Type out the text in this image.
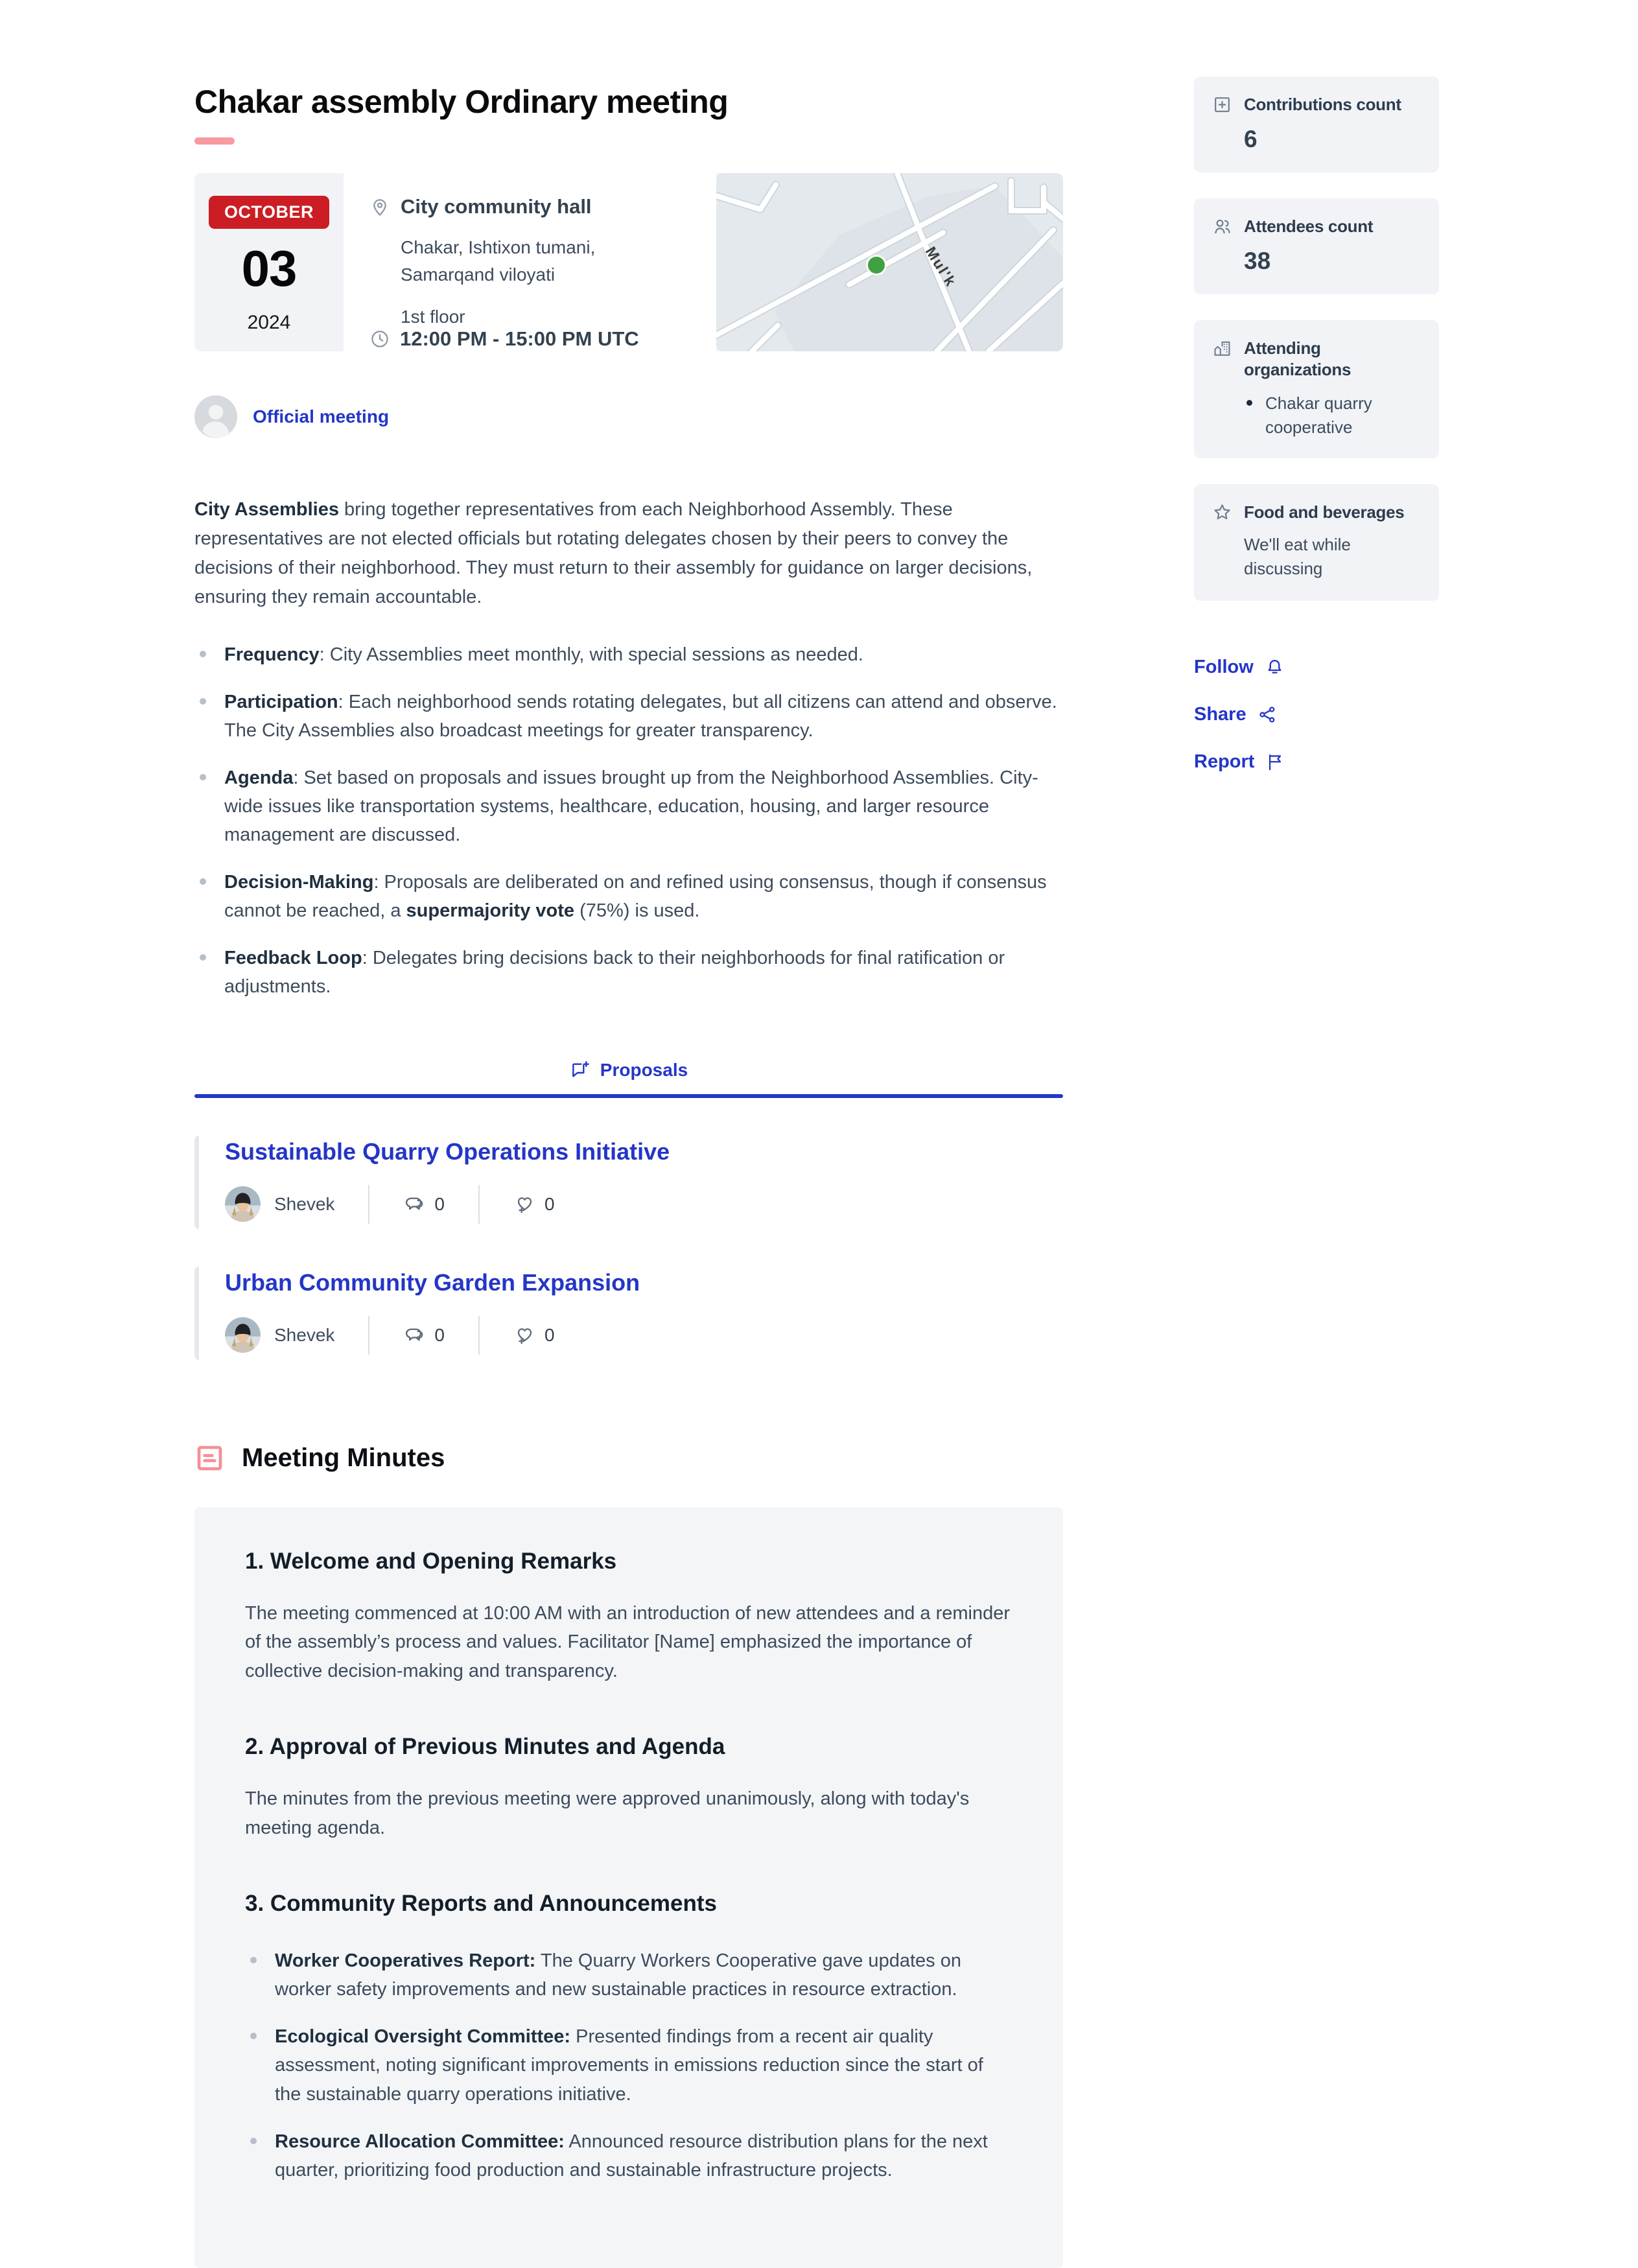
Chakar assembly Ordinary meeting
OCTOBER
03
2024
City community hall
Chakar, Ishtixon tumani, Samarqand viloyati
1st floor
12:00 PM - 15:00 PM UTC
Mul'k
Official meeting

City Assemblies bring together representatives from each Neighborhood Assembly. These representatives are not elected officials but rotating delegates chosen by their peers to convey the decisions of their neighborhood. They must return to their assembly for guidance on larger decisions, ensuring they remain accountable.

Frequency: City Assemblies meet monthly, with special sessions as needed.
Participation: Each neighborhood sends rotating delegates, but all citizens can attend and observe. The City Assemblies also broadcast meetings for greater transparency.
Agenda: Set based on proposals and issues brought up from the Neighborhood Assemblies. City-wide issues like transportation systems, healthcare, education, housing, and larger resource management are discussed.
Decision-Making: Proposals are deliberated on and refined using consensus, though if consensus cannot be reached, a supermajority vote (75%) is used.
Feedback Loop: Delegates bring decisions back to their neighborhoods for final ratification or adjustments.
Proposals
Sustainable Quarry Operations Initiative
Shevek	0	0
Urban Community Garden Expansion
Shevek	0	0
Meeting Minutes
1. Welcome and Opening Remarks

The meeting commenced at 10:00 AM with an introduction of new attendees and a reminder of the assembly’s process and values. Facilitator [Name] emphasized the importance of collective decision-making and transparency.

2. Approval of Previous Minutes and Agenda

The minutes from the previous meeting were approved unanimously, along with today's meeting agenda.

3. Community Reports and Announcements
Worker Cooperatives Report: The Quarry Workers Cooperative gave updates on worker safety improvements and new sustainable practices in resource extraction.
Ecological Oversight Committee: Presented findings from a recent air quality assessment, noting significant improvements in emissions reduction since the start of the sustainable quarry operations initiative.
Resource Allocation Committee: Announced resource distribution plans for the next quarter, prioritizing food production and sustainable infrastructure projects.
Contributions count
6
Attendees count
38
Attending organizations
Chakar quarry cooperative
Food and beverages
We'll eat while discussing
Follow
Share
Report
